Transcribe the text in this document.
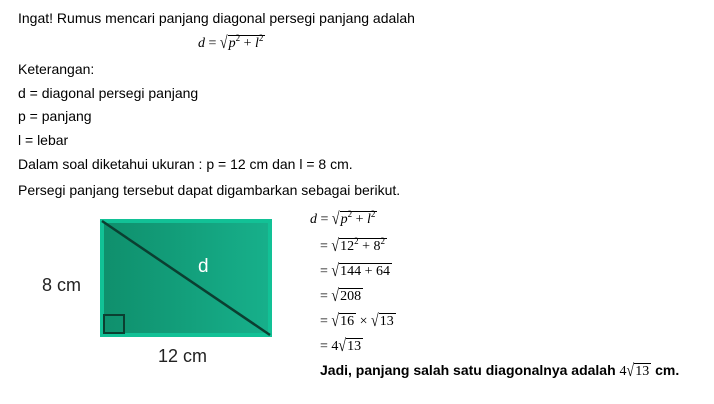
Ingat! Rumus mencari panjang diagonal persegi panjang adalah
$d = √p^2 + l^2$
Keterangan:
d = diagonal persegi panjang
p = panjang
l = lebar
Dalam soal diketahui ukuran : p = 12 cm dan l = 8 cm.
Persegi panjang tersebut dapat digambarkan sebagai berikut.
d
8 cm
12 cm
$d = √p^2 + l^2$
= $√12^2 + 8^2$
= √144 + 64
= √208
= √16 × √13
= 4√13
Jadi, panjang salah satu diagonalnya adalah 4√13 cm.
